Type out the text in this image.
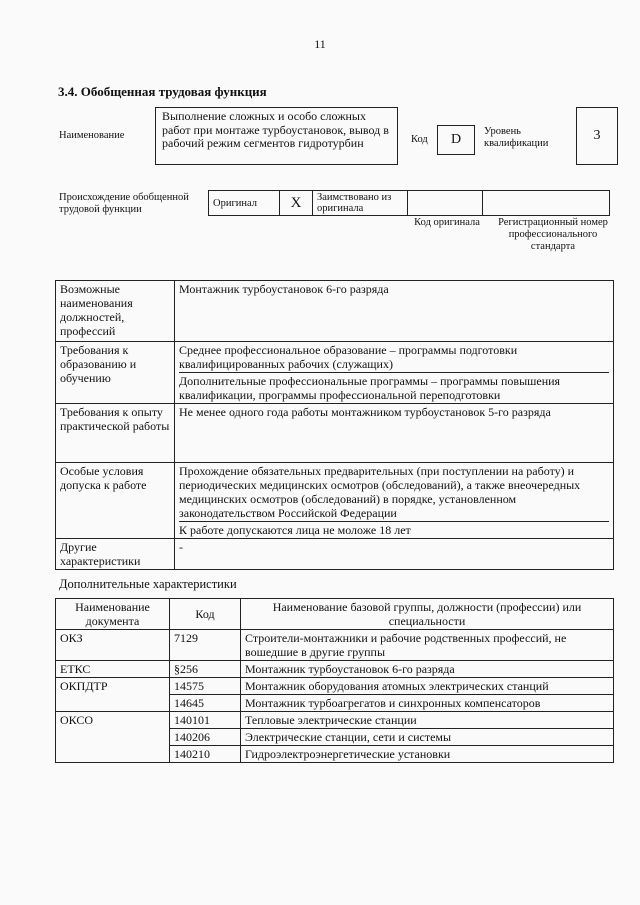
11
3.4. Обобщенная трудовая функция
Наименование
Выполнение сложных и особо сложных работ при монтаже турбоустановок, вывод в рабочий режим сегментов гидротурбин	Код	D
Уровень квалификации
3
Происхождение обобщенной трудовой функции
Оригинал	X	Заимствовано из оригинала		
Код оригинала	Регистрационный номер профессионального стандарта
Возможные наименования должностей, профессий	Монтажник турбоустановок 6-го разряда
Требования к образованию и обучению	Среднее профессиональное образование – программы подготовки квалифицированных рабочих (служащих)
Дополнительные профессиональные программы – программы повышения квалификации, программы профессиональной переподготовки

Требования к опыту практической работы	Не менее одного года работы монтажником турбоустановок 5-го разряда
Особые условия допуска к работе	Прохождение обязательных предварительных (при поступлении на работу) и периодических медицинских осмотров (обследований), а также внеочередных медицинских осмотров (обследований) в порядке, установленном законодательством Российской Федерации
К работе допускаются лица не моложе 18 лет

Другие характеристики	-
Дополнительные характеристики
Наименование документа	Код	Наименование базовой группы, должности (профессии) или специальности
ОКЗ	7129	Строители-монтажники и рабочие родственных профессий, не вошедшие в другие группы
ЕТКС	§256	Монтажник турбоустановок 6-го разряда
ОКПДТР	14575	Монтажник оборудования атомных электрических станций
	14645	Монтажник турбоагрегатов и синхронных компенсаторов
ОКСО	140101	Тепловые электрические станции
	140206	Электрические станции, сети и системы
	140210	Гидроэлектроэнергетические установки
